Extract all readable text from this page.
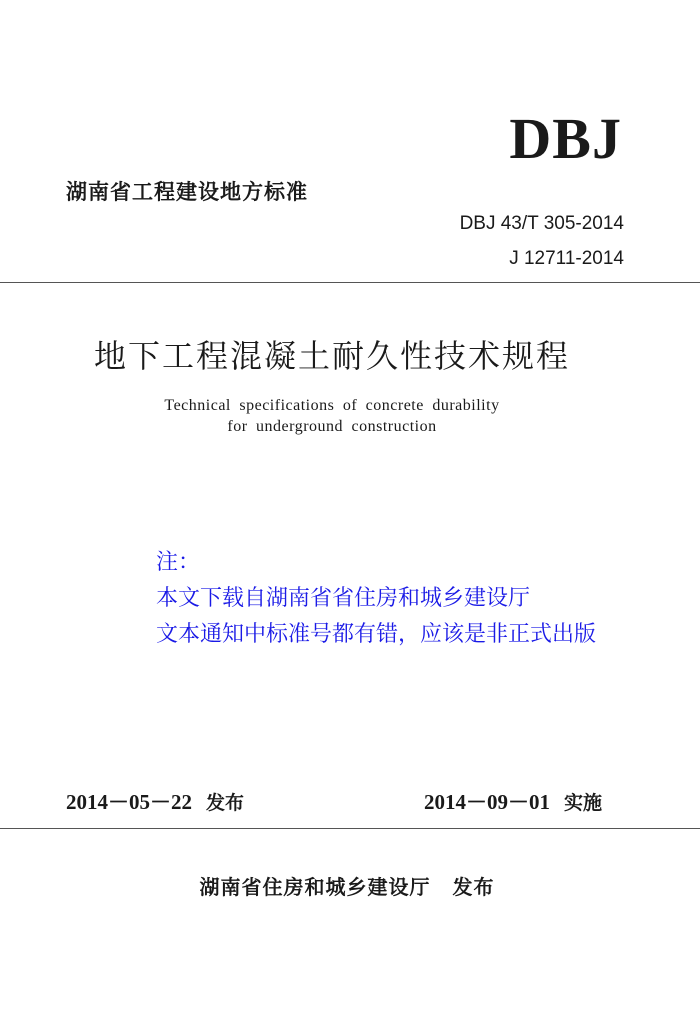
DBJ
湖南省工程建设地方标准
DBJ 43/T 305-2014
J 12711-2014
地下工程混凝土耐久性技术规程
Technical specifications of concrete durability
for underground construction
注：
本文下载自湖南省省住房和城乡建设厅
文本通知中标准号都有错，应该是非正式出版
2014－05－22 发布	2014－09－01 实施
湖南省住房和城乡建设厅 发布
